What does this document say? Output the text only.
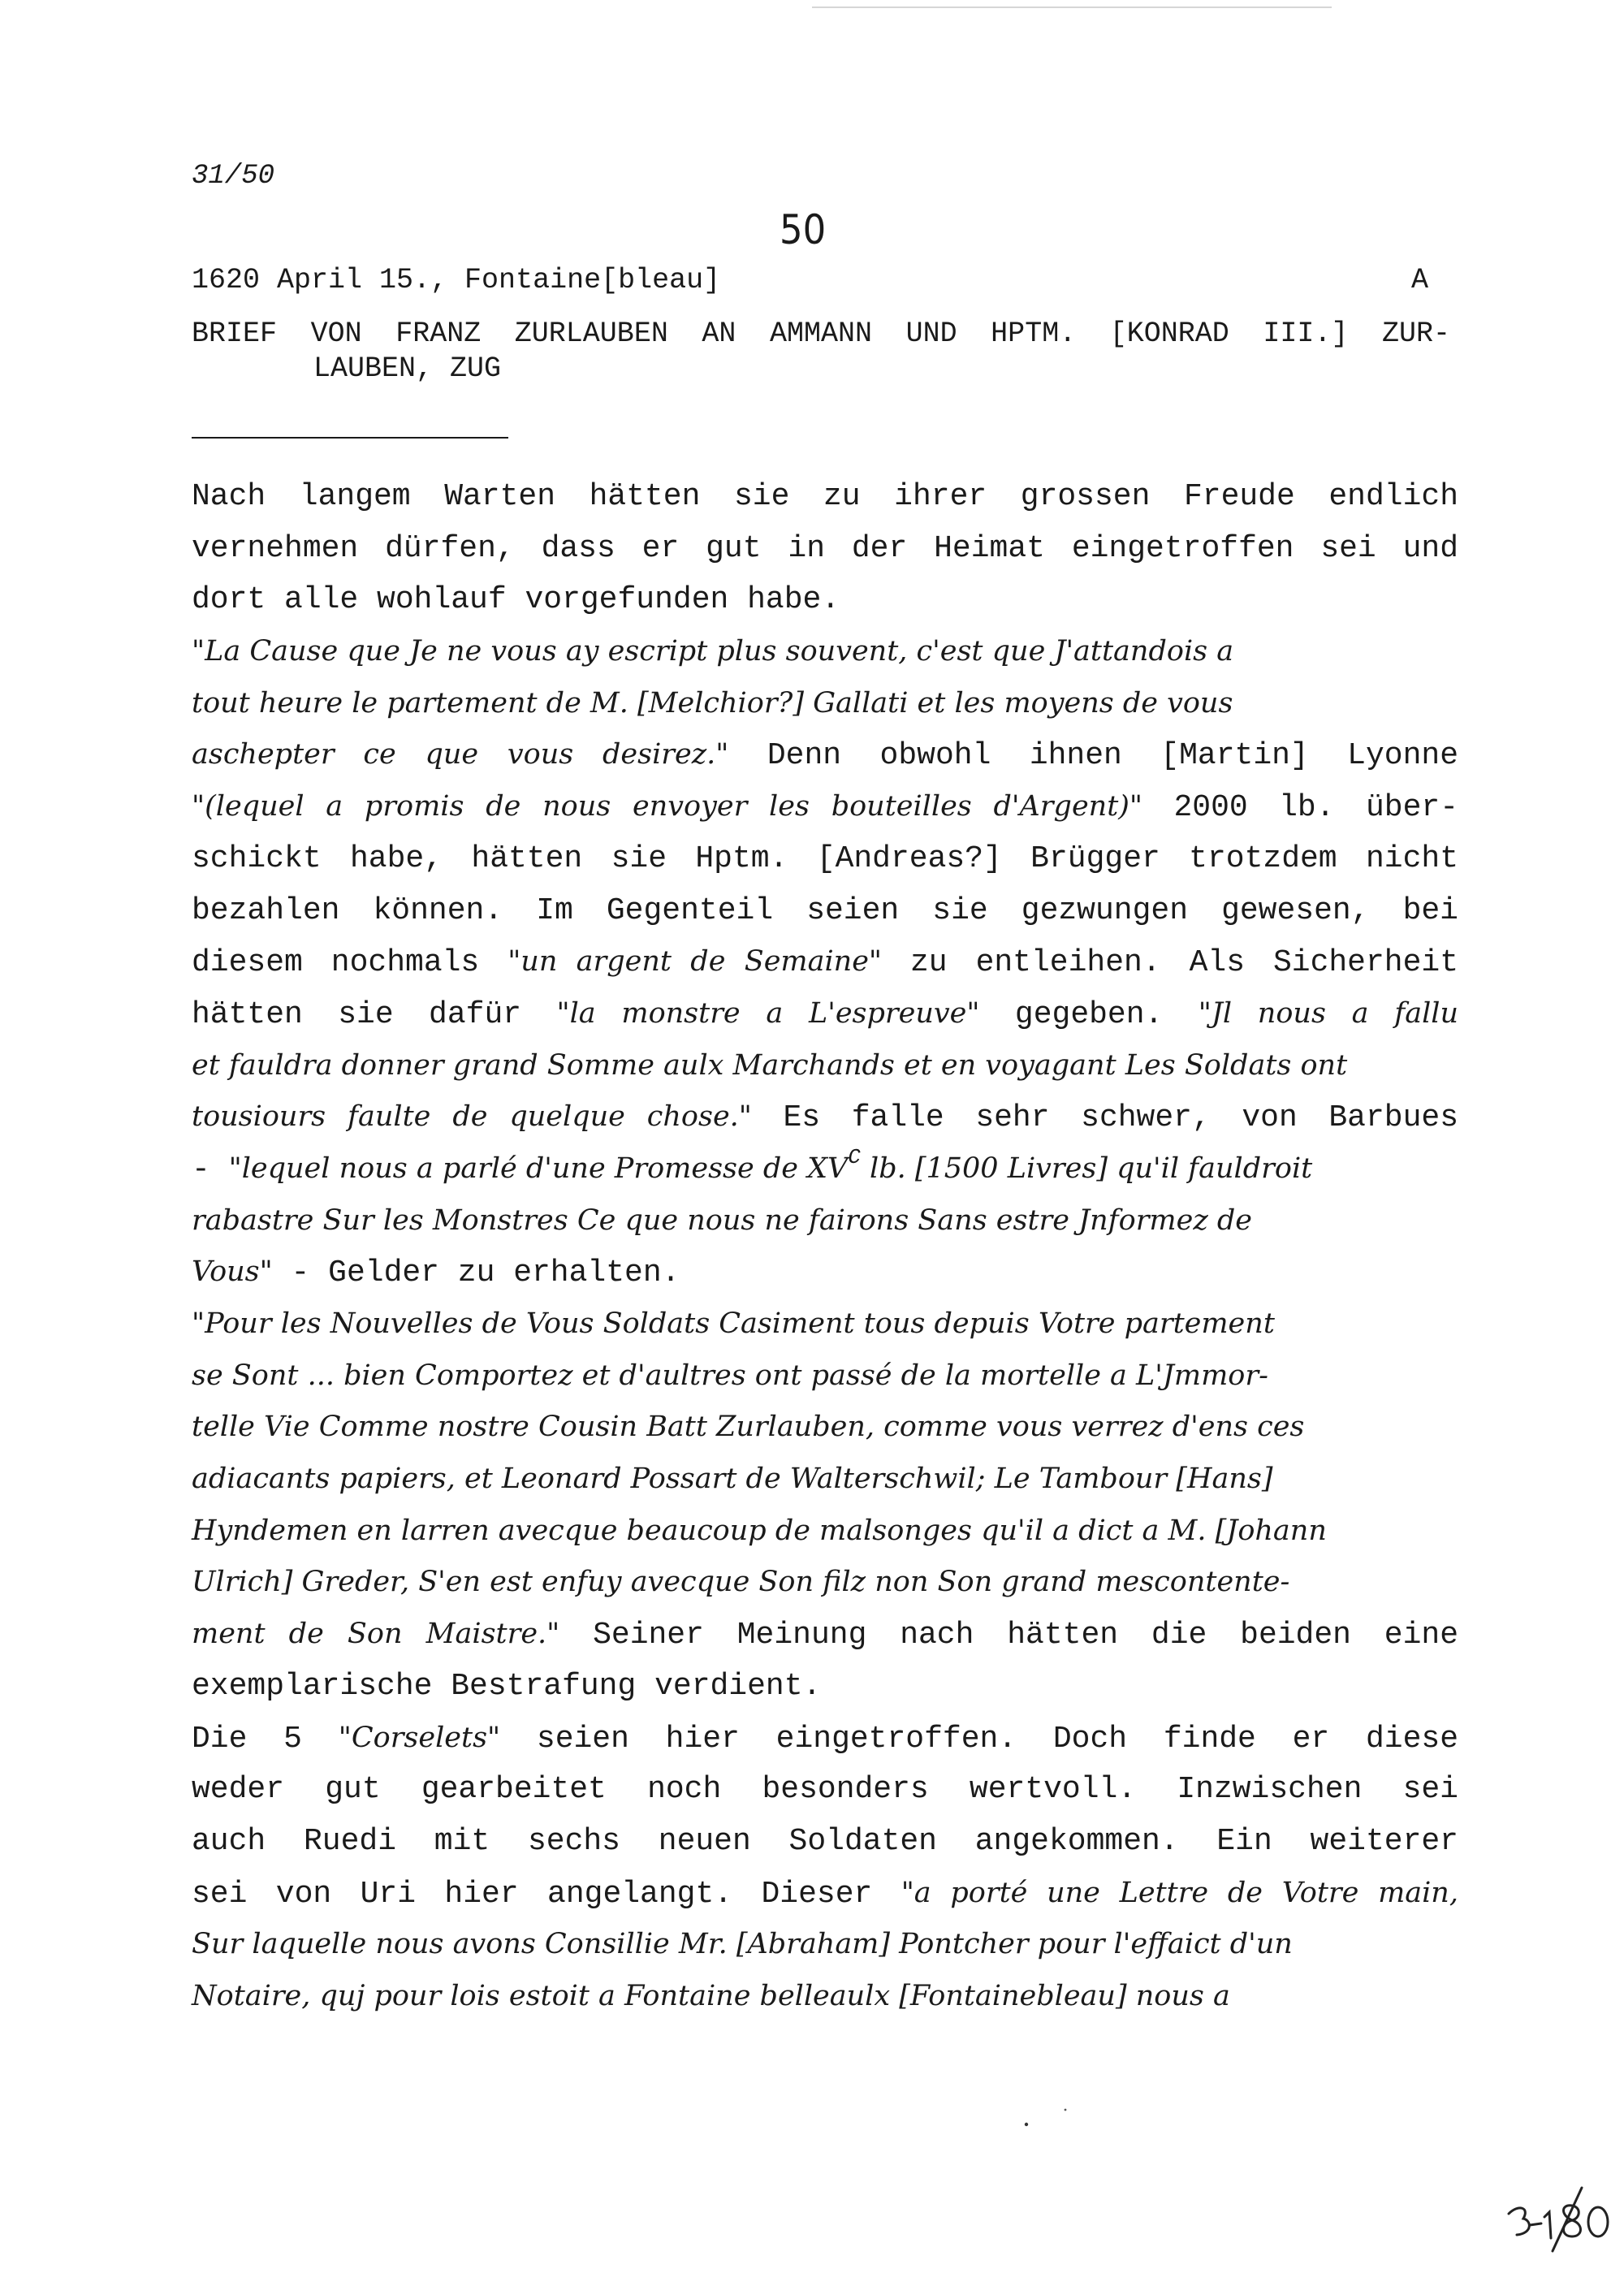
31/50
50
1620 April 15., Fontaine[bleau]	A
BRIEF VON FRANZ ZURLAUBEN AN AMMANN UND HPTM. [KONRAD III.] ZUR-
LAUBEN, ZUG
Nach langem Warten hätten sie zu ihrer grossen Freude endlich
vernehmen dürfen, dass er gut in der Heimat eingetroffen sei und
dort alle wohlauf vorgefunden habe.
"La Cause que Je ne vous ay escript plus souvent, c'est que J'attandois a
tout heure le partement de M. [Melchior?] Gallati et les moyens de vous
aschepter ce que vous desirez." Denn obwohl ihnen [Martin] Lyonne
"(lequel a promis de nous envoyer les bouteilles d'Argent)" 2000 lb. über-
schickt habe, hätten sie Hptm. [Andreas?] Brügger trotzdem nicht
bezahlen können. Im Gegenteil seien sie gezwungen gewesen, bei
diesem nochmals "un argent de Semaine" zu entleihen. Als Sicherheit
hätten sie dafür "la monstre a L'espreuve" gegeben. "Jl nous a fallu
et fauldra donner grand Somme aulx Marchands et en voyagant Les Soldats ont
tousiours faulte de quelque chose." Es falle sehr schwer, von Barbues
- "lequel nous a parlé d'une Promesse de $XV^C$ lb. [1500 Livres] qu'il fauldroit
rabastre Sur les Monstres Ce que nous ne fairons Sans estre Jnformez de
Vous" - Gelder zu erhalten.
"Pour les Nouvelles de Vous Soldats Casiment tous depuis Votre partement
se Sont ... bien Comportez et d'aultres ont passé de la mortelle a L'Jmmor-
telle Vie Comme nostre Cousin Batt Zurlauben, comme vous verrez d'ens ces
adiacants papiers, et Leonard Possart de Walterschwil; Le Tambour [Hans]
Hyndemen en larren avecque beaucoup de malsonges qu'il a dict a M. [Johann
Ulrich] Greder, S'en est enfuy avecque Son filz non Son grand mescontente-
ment de Son Maistre." Seiner Meinung nach hätten die beiden eine
exemplarische Bestrafung verdient.
Die 5 "Corselets" seien hier eingetroffen. Doch finde er diese
weder gut gearbeitet noch besonders wertvoll. Inzwischen sei
auch Ruedi mit sechs neuen Soldaten angekommen. Ein weiterer
sei von Uri hier angelangt. Dieser "a porté une Lettre de Votre main,
Sur laquelle nous avons Consillie Mr. [Abraham] Pontcher pour l'effaict d'un
Notaire, quj pour lois estoit a Fontaine belleaulx [Fontainebleau] nous a
